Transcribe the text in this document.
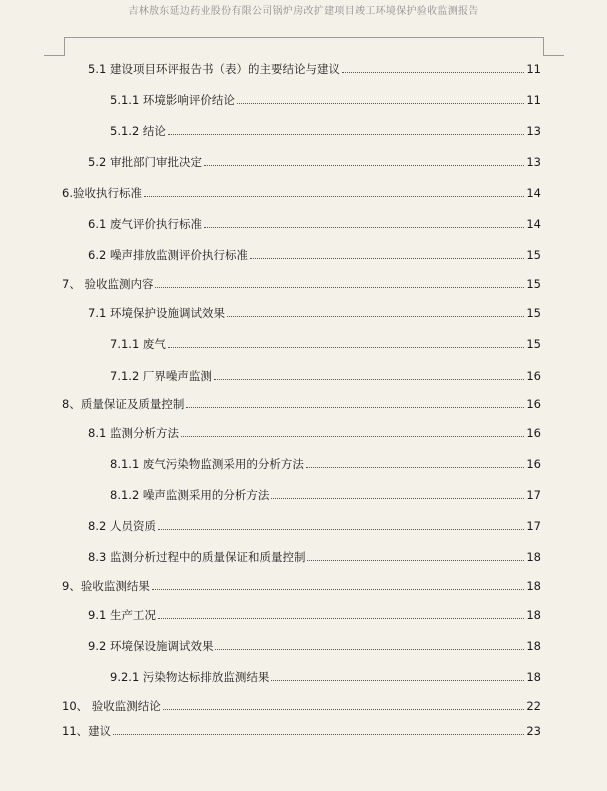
吉林敖东延边药业股份有限公司锅炉房改扩建项目竣工环境保护验收监测报告
5.1 建设项目环评报告书（表）的主要结论与建议	11
5.1.1 环境影响评价结论	11
5.1.2 结论	13
5.2 审批部门审批决定	13
6.验收执行标准	14
6.1 废气评价执行标准	14
6.2 噪声排放监测评价执行标准	15
7、 验收监测内容	15
7.1 环境保护设施调试效果	15
7.1.1 废气	15
7.1.2 厂界噪声监测	16
8、质量保证及质量控制	16
8.1 监测分析方法	16
8.1.1 废气污染物监测采用的分析方法	16
8.1.2 噪声监测采用的分析方法	17
8.2 人员资质	17
8.3 监测分析过程中的质量保证和质量控制	18
9、验收监测结果	18
9.1 生产工况	18
9.2 环境保设施调试效果	18
9.2.1 污染物达标排放监测结果	18
10、 验收监测结论	22
11、建议	23
